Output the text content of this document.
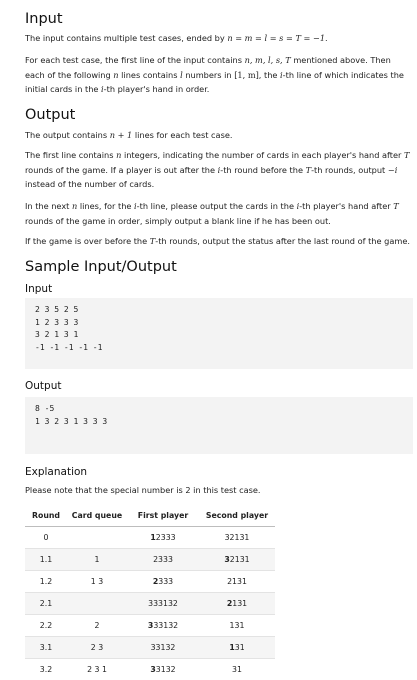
Input

The input contains multiple test cases, ended by n = m = l = s = T = −1.

For each test case, the first line of the input contains n, m, l, s, T mentioned above. Then each of the following n lines contains l numbers in [1, m], the i-th line of which indicates the initial cards in the i-th player's hand in order.

Output

The output contains n + 1 lines for each test case.

The first line contains n integers, indicating the number of cards in each player's hand after T rounds of the game. If a player is out after the i-th round before the T-th rounds, output −i instead of the number of cards.

In the next n lines, for the i-th line, please output the cards in the i-th player's hand after T rounds of the game in order, simply output a blank line if he has been out.

If the game is over before the T-th rounds, output the status after the last round of the game.

Sample Input/Output
Input
2 3 5 2 5
1 2 3 3 3
3 2 1 3 1
-1 -1 -1 -1 -1
Output
8 -5
1 3 2 3 1 3 3 3
Explanation

Please note that the special number is 2 in this test case.

Round	Card queue	First player	Second player
0		12333	32131
1.1	1	2333	32131
1.2	1 3	2333	2131
2.1		333132	2131
2.2	2	333132	131
3.1	2 3	33132	131
3.2	2 3 1	33132	31
